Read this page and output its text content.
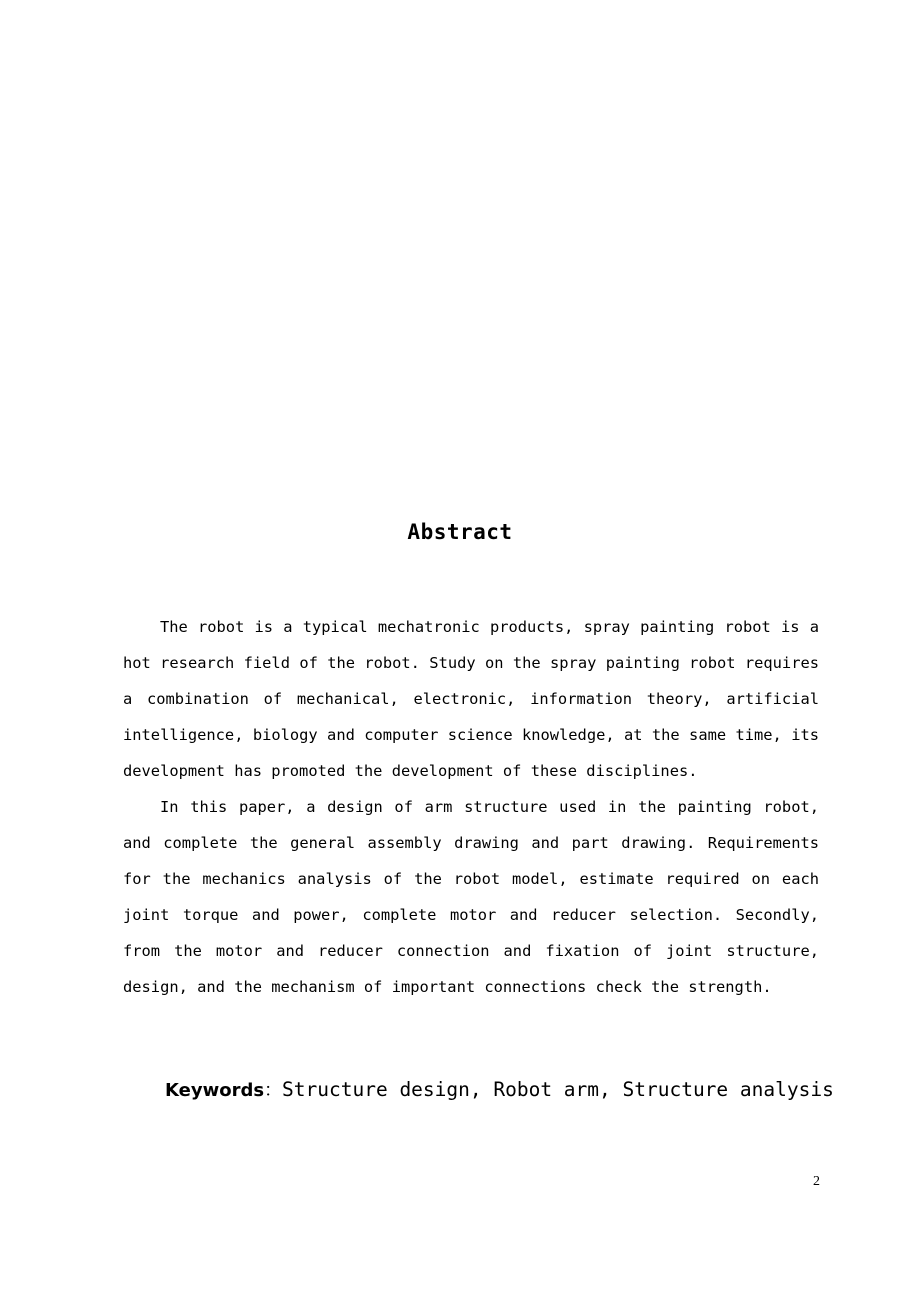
Abstract

The robot is a typical mechatronic products, spray painting robot is a hot research field of the robot. Study on the spray painting robot requires a combination of mechanical, electronic, information theory, artificial intelligence, biology and computer science knowledge, at the same time, its development has promoted the development of these disciplines.

In this paper, a design of arm structure used in the painting robot, and complete the general assembly drawing and part drawing. Requirements for the mechanics analysis of the robot model, estimate required on each joint torque and power, complete motor and reducer selection. Secondly, from the motor and reducer connection and fixation of joint structure, design, and the mechanism of important connections check the strength.

Keywords：Structure design, Robot arm, Structure analysis
2
